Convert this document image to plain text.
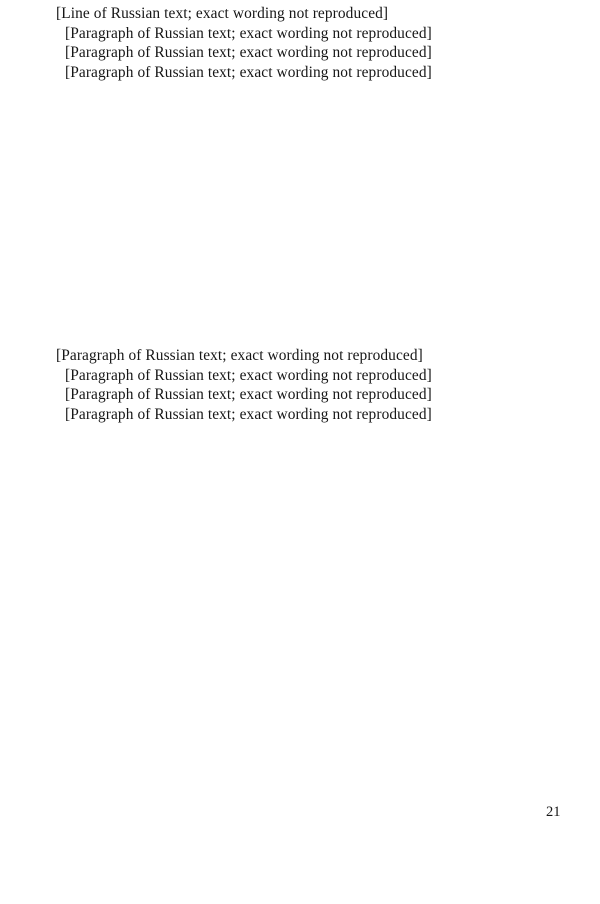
[Line of Russian text; exact wording not reproduced]

[Paragraph of Russian text; exact wording not reproduced]

[Paragraph of Russian text; exact wording not reproduced]

[Paragraph of Russian text; exact wording not reproduced]

[Paragraph of Russian text; exact wording not reproduced]

[Paragraph of Russian text; exact wording not reproduced]

[Paragraph of Russian text; exact wording not reproduced]

[Paragraph of Russian text; exact wording not reproduced]

21
